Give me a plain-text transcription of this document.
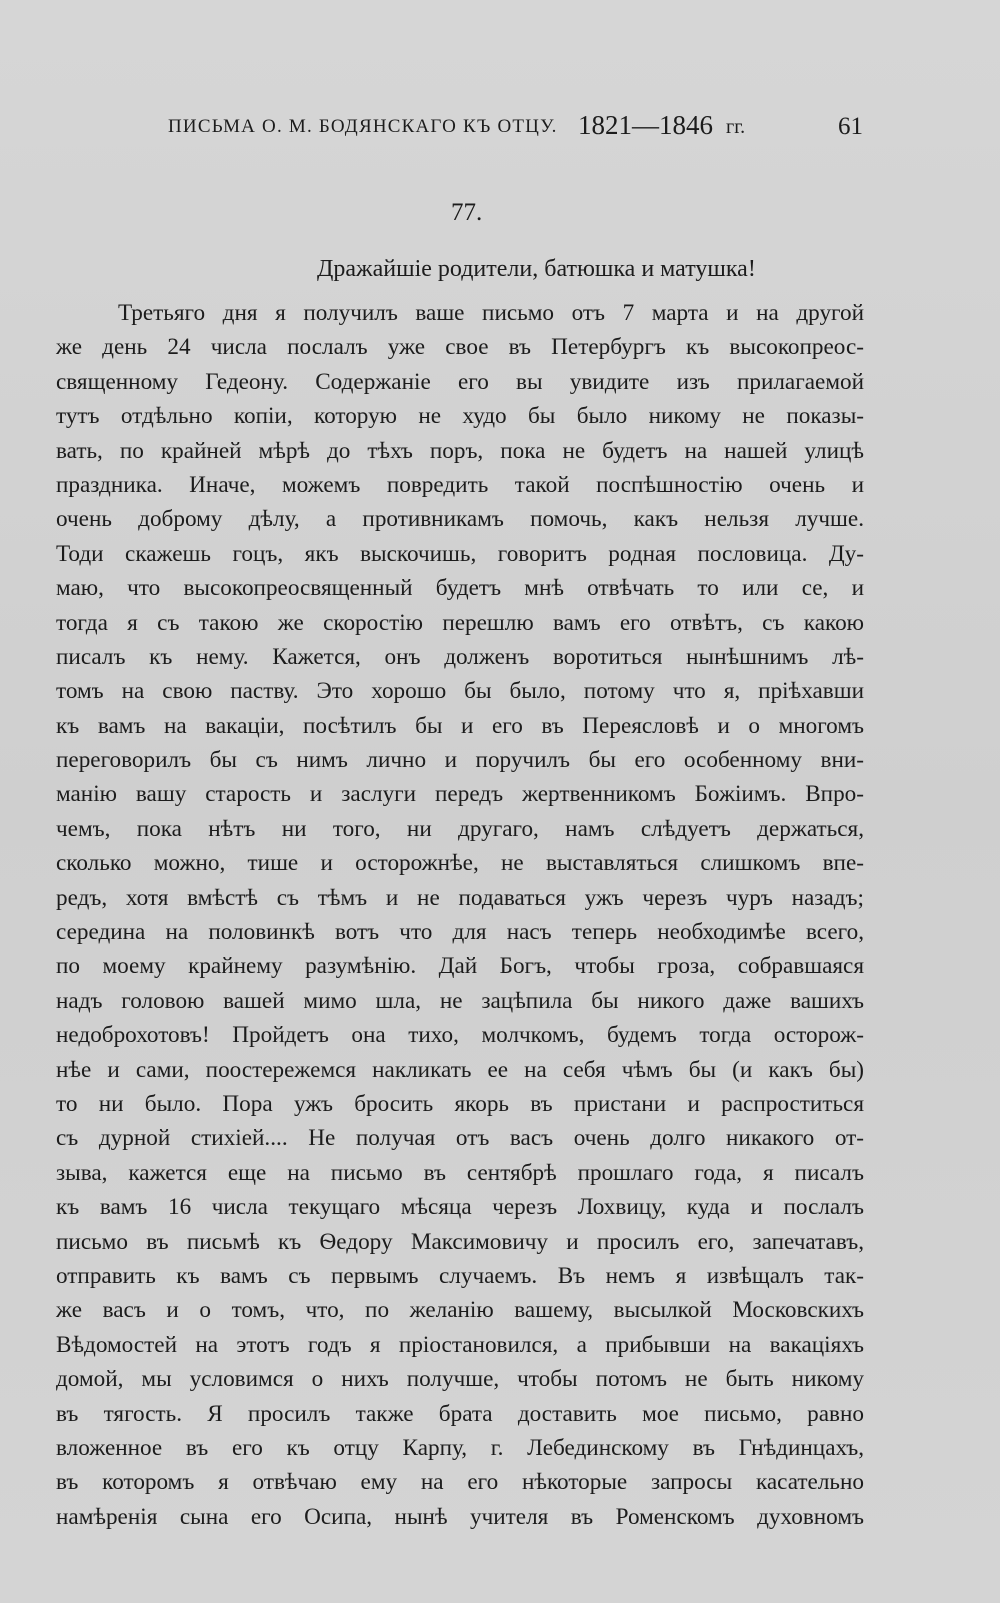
ПИСЬМА О. М. БОДЯНСКАГО КЪ ОТЦУ. 1821—1846 гг.	61
77.
Дражайшіе родители, батюшка и матушка!
Третьяго дня я получилъ ваше письмо отъ 7 марта и на другой
же день 24 числа послалъ уже свое въ Петербургъ къ высокопреос-
священному Гедеону. Содержаніе его вы увидите изъ прилагаемой
тутъ отдѣльно копіи, которую не худо бы было никому не показы-
вать, по крайней мѣрѣ до тѣхъ поръ, пока не будетъ на нашей улицѣ
праздника. Иначе, можемъ повредить такой поспѣшностію очень и
очень доброму дѣлу, а противникамъ помочь, какъ нельзя лучше.
Тоди скажешь гоцъ, якъ выскочишь, говоритъ родная пословица. Ду-
маю, что высокопреосвященный будетъ мнѣ отвѣчать то или се, и
тогда я съ такою же скоростію перешлю вамъ его отвѣтъ, съ какою
писалъ къ нему. Кажется, онъ долженъ воротиться нынѣшнимъ лѣ-
томъ на свою паству. Это хорошо бы было, потому что я, пріѣхавши
къ вамъ на вакаціи, посѣтилъ бы и его въ Переясловѣ и о многомъ
переговорилъ бы съ нимъ лично и поручилъ бы его особенному вни-
манію вашу старость и заслуги передъ жертвенникомъ Божіимъ. Впро-
чемъ, пока нѣтъ ни того, ни другаго, намъ слѣдуетъ держаться,
сколько можно, тише и осторожнѣе, не выставляться слишкомъ впе-
редъ, хотя вмѣстѣ съ тѣмъ и не подаваться ужъ черезъ чуръ назадъ;
середина на половинкѣ вотъ что для насъ теперь необходимѣе всего,
по моему крайнему разумѣнію. Дай Богъ, чтобы гроза, собравшаяся
надъ головою вашей мимо шла, не зацѣпила бы никого даже вашихъ
недоброхотовъ! Пройдетъ она тихо, молчкомъ, будемъ тогда осторож-
нѣе и сами, поостережемся накликать ее на себя чѣмъ бы (и какъ бы)
то ни было. Пора ужъ бросить якорь въ пристани и распроститься
съ дурной стихіей.... Не получая отъ васъ очень долго никакого от-
зыва, кажется еще на письмо въ сентябрѣ прошлаго года, я писалъ
къ вамъ 16 числа текущаго мѣсяца черезъ Лохвицу, куда и послалъ
письмо въ письмѣ къ Ѳедору Максимовичу и просилъ его, запечатавъ,
отправить къ вамъ съ первымъ случаемъ. Въ немъ я извѣщалъ так-
же васъ и о томъ, что, по желанію вашему, высылкой Московскихъ
Вѣдомостей на этотъ годъ я пріостановился, а прибывши на вакаціяхъ
домой, мы условимся о нихъ получше, чтобы потомъ не быть никому
въ тягость. Я просилъ также брата доставить мое письмо, равно
вложенное въ его къ отцу Карпу, г. Лебединскому въ Гнѣдинцахъ,
въ которомъ я отвѣчаю ему на его нѣкоторые запросы касательно
намѣренія сына его Осипа, нынѣ учителя въ Роменскомъ духовномъ
